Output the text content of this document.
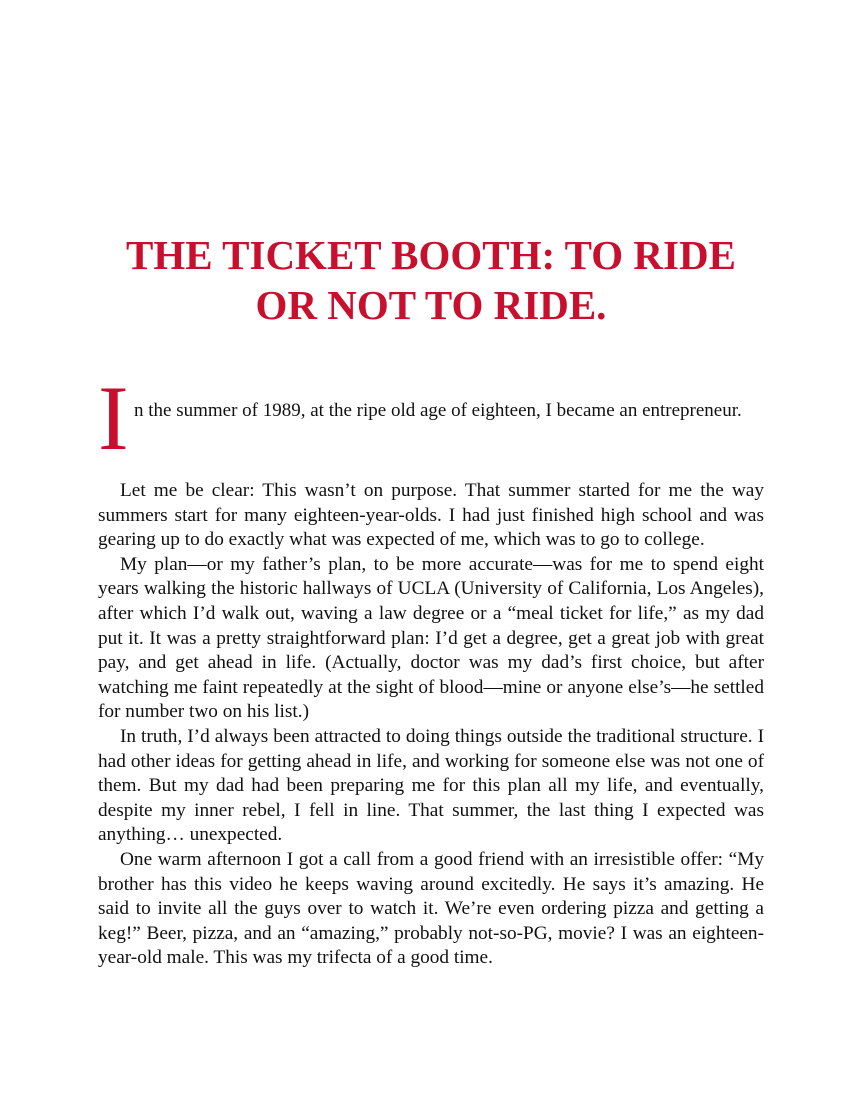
THE TICKET BOOTH: TO RIDE
OR NOT TO RIDE.
I n the summer of 1989, at the ripe old age of eighteen, I became an entrepreneur.

Let me be clear: This wasn’t on purpose. That summer started for me the way summers start for many eighteen-year-olds. I had just finished high school and was gearing up to do exactly what was expected of me, which was to go to college.

My plan—or my father’s plan, to be more accurate—was for me to spend eight years walking the historic hallways of UCLA (University of California, Los Angeles), after which I’d walk out, waving a law degree or a “meal ticket for life,” as my dad put it. It was a pretty straightforward plan: I’d get a degree, get a great job with great pay, and get ahead in life. (Actually, doctor was my dad’s first choice, but after watching me faint repeatedly at the sight of blood—mine or anyone else’s—he settled for number two on his list.)

In truth, I’d always been attracted to doing things outside the traditional structure. I had other ideas for getting ahead in life, and working for someone else was not one of them. But my dad had been preparing me for this plan all my life, and eventually, despite my inner rebel, I fell in line. That summer, the last thing I expected was anything… unexpected.

One warm afternoon I got a call from a good friend with an irresistible offer: “My brother has this video he keeps waving around excitedly. He says it’s amazing. He said to invite all the guys over to watch it. We’re even ordering pizza and getting a keg!” Beer, pizza, and an “amazing,” probably not-so-PG, movie? I was an eighteen-year-old male. This was my trifecta of a good time.
